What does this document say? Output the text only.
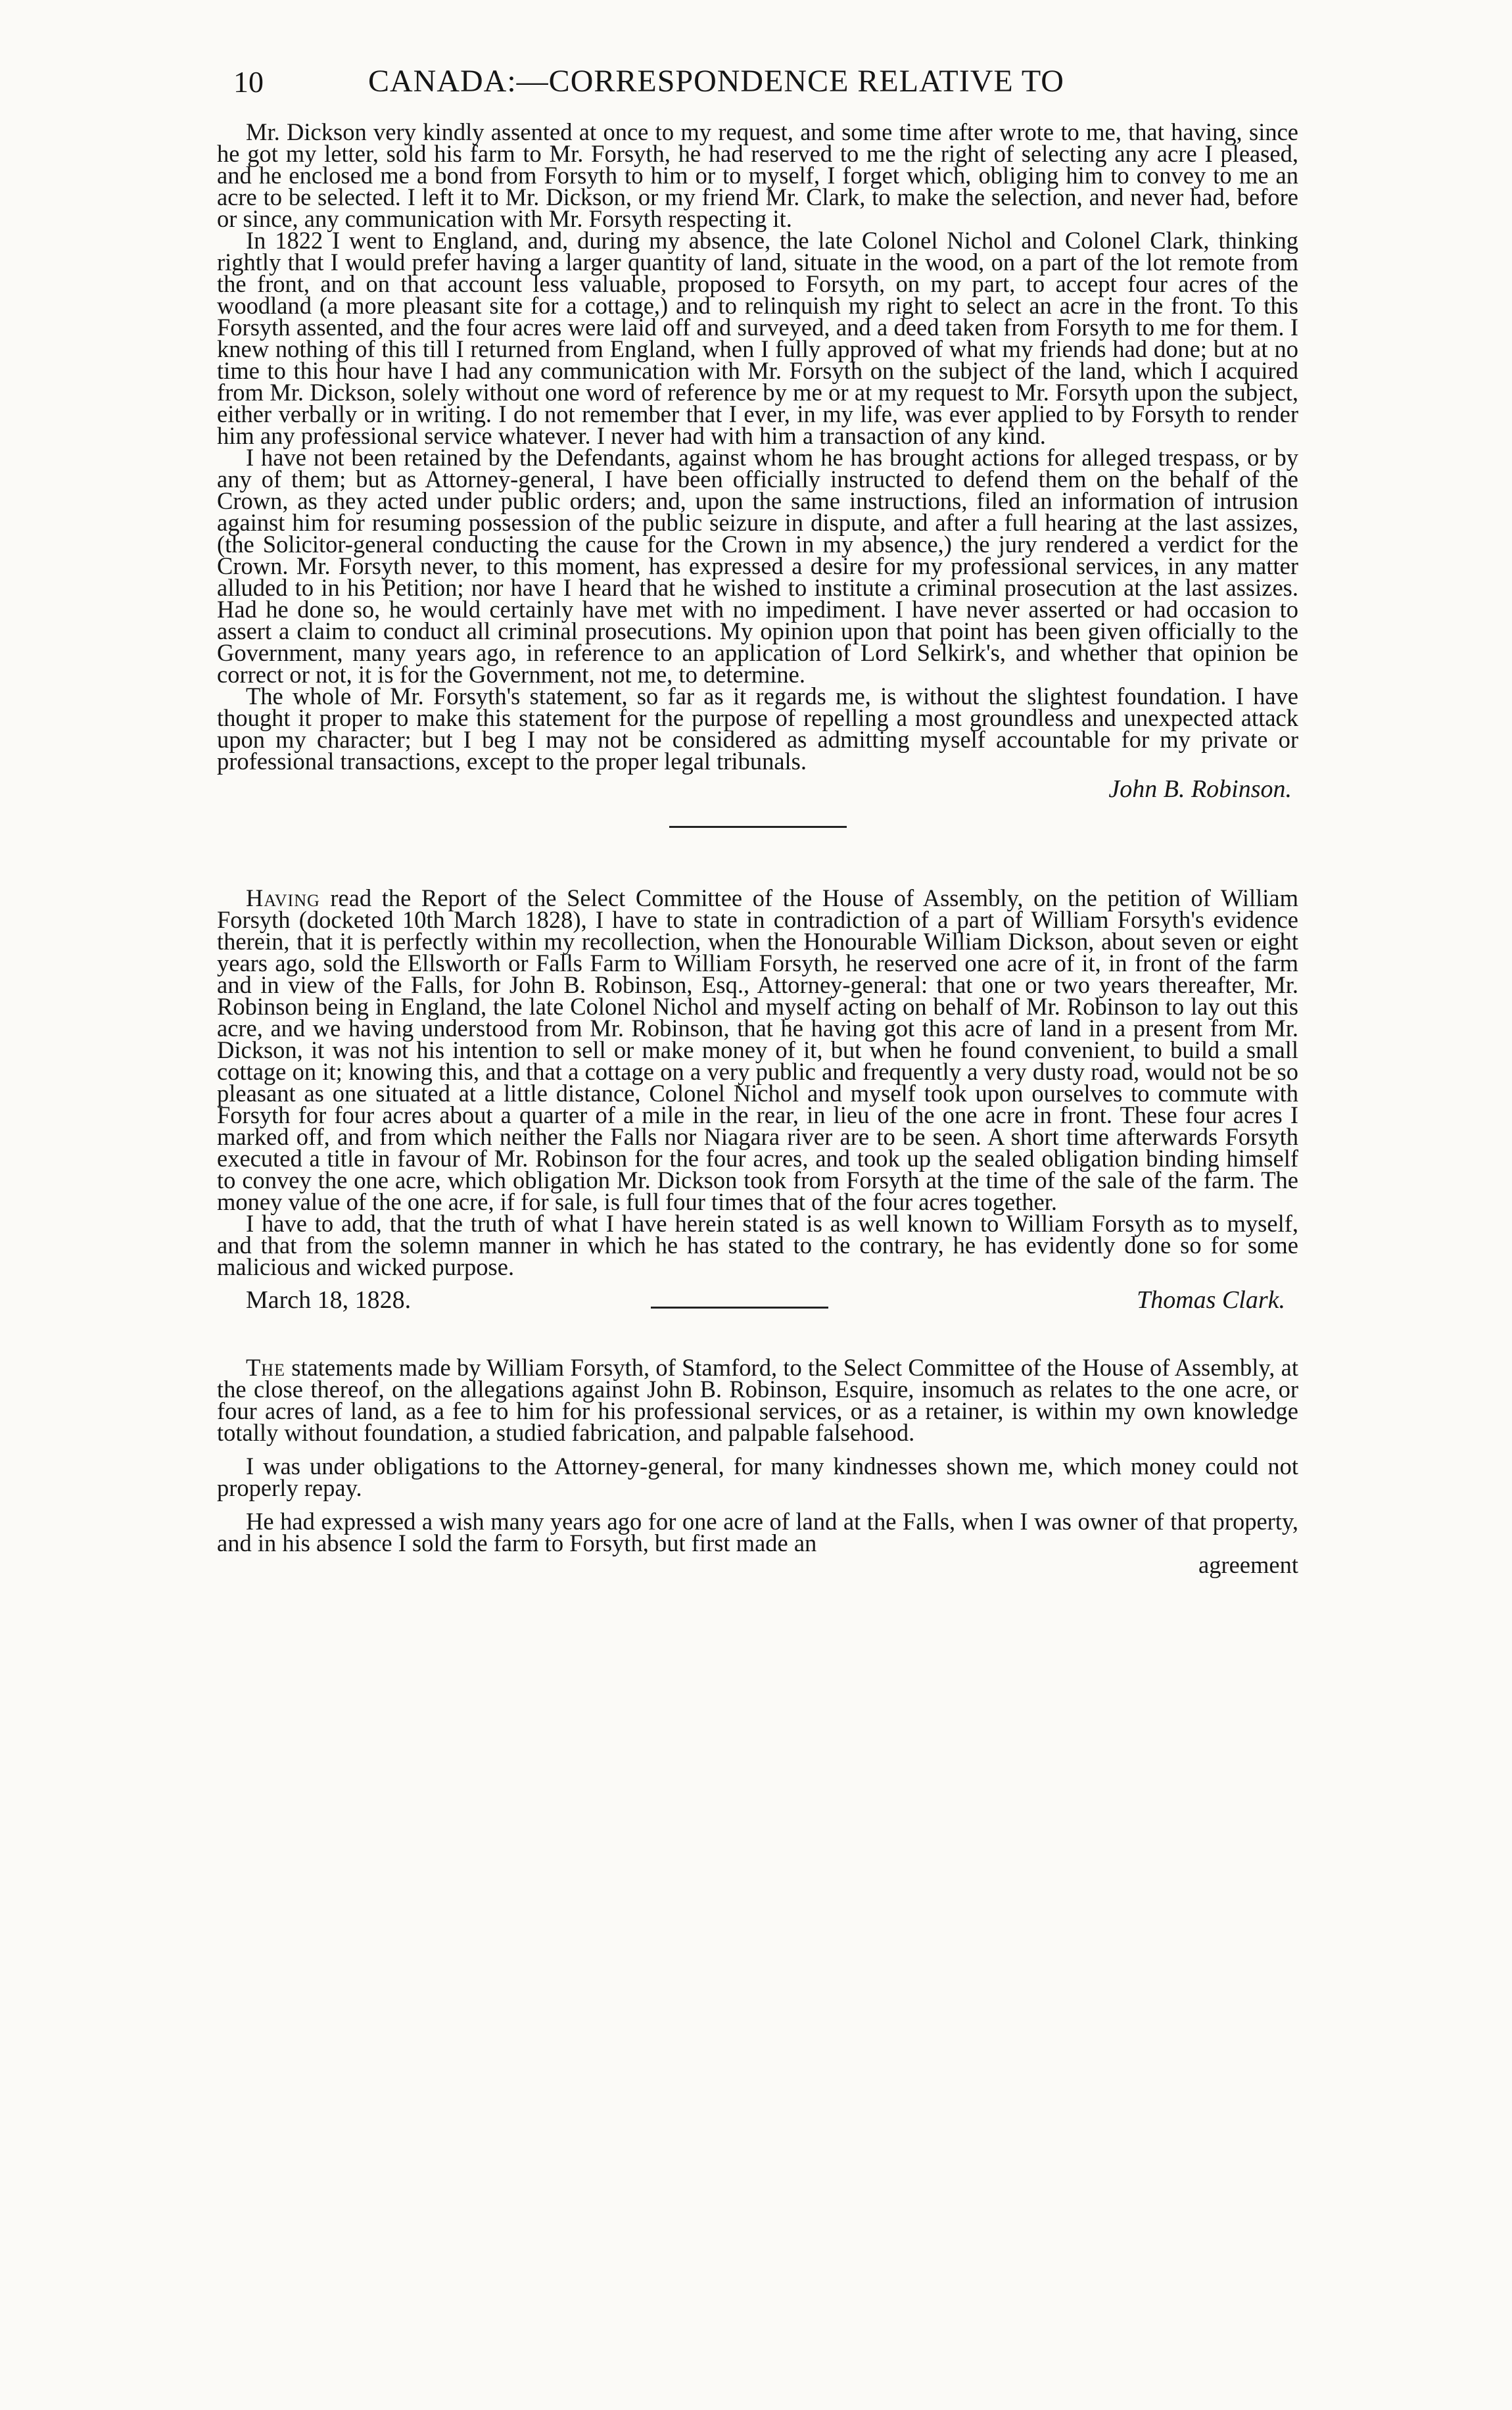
10	CANADA:—CORRESPONDENCE RELATIVE TO

Mr. Dickson very kindly assented at once to my request, and some time after wrote to me, that having, since he got my letter, sold his farm to Mr. Forsyth, he had reserved to me the right of selecting any acre I pleased, and he enclosed me a bond from Forsyth to him or to myself, I forget which, obliging him to convey to me an acre to be selected. I left it to Mr. Dickson, or my friend Mr. Clark, to make the selection, and never had, before or since, any communication with Mr. Forsyth respecting it.

In 1822 I went to England, and, during my absence, the late Colonel Nichol and Colonel Clark, thinking rightly that I would prefer having a larger quantity of land, situate in the wood, on a part of the lot remote from the front, and on that account less valuable, proposed to Forsyth, on my part, to accept four acres of the woodland (a more pleasant site for a cottage,) and to relinquish my right to select an acre in the front. To this Forsyth assented, and the four acres were laid off and surveyed, and a deed taken from Forsyth to me for them. I knew nothing of this till I returned from England, when I fully approved of what my friends had done; but at no time to this hour have I had any communication with Mr. Forsyth on the subject of the land, which I acquired from Mr. Dickson, solely without one word of reference by me or at my request to Mr. Forsyth upon the subject, either verbally or in writing. I do not remember that I ever, in my life, was ever applied to by Forsyth to render him any professional service whatever. I never had with him a transaction of any kind.

I have not been retained by the Defendants, against whom he has brought actions for alleged trespass, or by any of them; but as Attorney-general, I have been officially instructed to defend them on the behalf of the Crown, as they acted under public orders; and, upon the same instructions, filed an information of intrusion against him for resuming possession of the public seizure in dispute, and after a full hearing at the last assizes, (the Solicitor-general conducting the cause for the Crown in my absence,) the jury rendered a verdict for the Crown. Mr. Forsyth never, to this moment, has expressed a desire for my professional services, in any matter alluded to in his Petition; nor have I heard that he wished to institute a criminal prosecution at the last assizes. Had he done so, he would certainly have met with no impediment. I have never asserted or had occasion to assert a claim to conduct all criminal prosecutions. My opinion upon that point has been given officially to the Government, many years ago, in reference to an application of Lord Selkirk's, and whether that opinion be correct or not, it is for the Government, not me, to determine.

The whole of Mr. Forsyth's statement, so far as it regards me, is without the slightest foundation. I have thought it proper to make this statement for the purpose of repelling a most groundless and unexpected attack upon my character; but I beg I may not be considered as admitting myself accountable for my private or professional transactions, except to the proper legal tribunals.

John B. Robinson.

Having read the Report of the Select Committee of the House of Assembly, on the petition of William Forsyth (docketed 10th March 1828), I have to state in contradiction of a part of William Forsyth's evidence therein, that it is perfectly within my recollection, when the Honourable William Dickson, about seven or eight years ago, sold the Ellsworth or Falls Farm to William Forsyth, he reserved one acre of it, in front of the farm and in view of the Falls, for John B. Robinson, Esq., Attorney-general: that one or two years thereafter, Mr. Robinson being in England, the late Colonel Nichol and myself acting on behalf of Mr. Robinson to lay out this acre, and we having understood from Mr. Robinson, that he having got this acre of land in a present from Mr. Dickson, it was not his intention to sell or make money of it, but when he found convenient, to build a small cottage on it; knowing this, and that a cottage on a very public and frequently a very dusty road, would not be so pleasant as one situated at a little distance, Colonel Nichol and myself took upon ourselves to commute with Forsyth for four acres about a quarter of a mile in the rear, in lieu of the one acre in front. These four acres I marked off, and from which neither the Falls nor Niagara river are to be seen. A short time afterwards Forsyth executed a title in favour of Mr. Robinson for the four acres, and took up the sealed obligation binding himself to convey the one acre, which obligation Mr. Dickson took from Forsyth at the time of the sale of the farm. The money value of the one acre, if for sale, is full four times that of the four acres together.

I have to add, that the truth of what I have herein stated is as well known to William Forsyth as to myself, and that from the solemn manner in which he has stated to the contrary, he has evidently done so for some malicious and wicked purpose.

March 18, 1828.	Thomas Clark.

The statements made by William Forsyth, of Stamford, to the Select Committee of the House of Assembly, at the close thereof, on the allegations against John B. Robinson, Esquire, insomuch as relates to the one acre, or four acres of land, as a fee to him for his professional services, or as a retainer, is within my own knowledge totally without foundation, a studied fabrication, and palpable falsehood.

I was under obligations to the Attorney-general, for many kindnesses shown me, which money could not properly repay.

He had expressed a wish many years ago for one acre of land at the Falls, when I was owner of that property, and in his absence I sold the farm to Forsyth, but first made an

agreement
